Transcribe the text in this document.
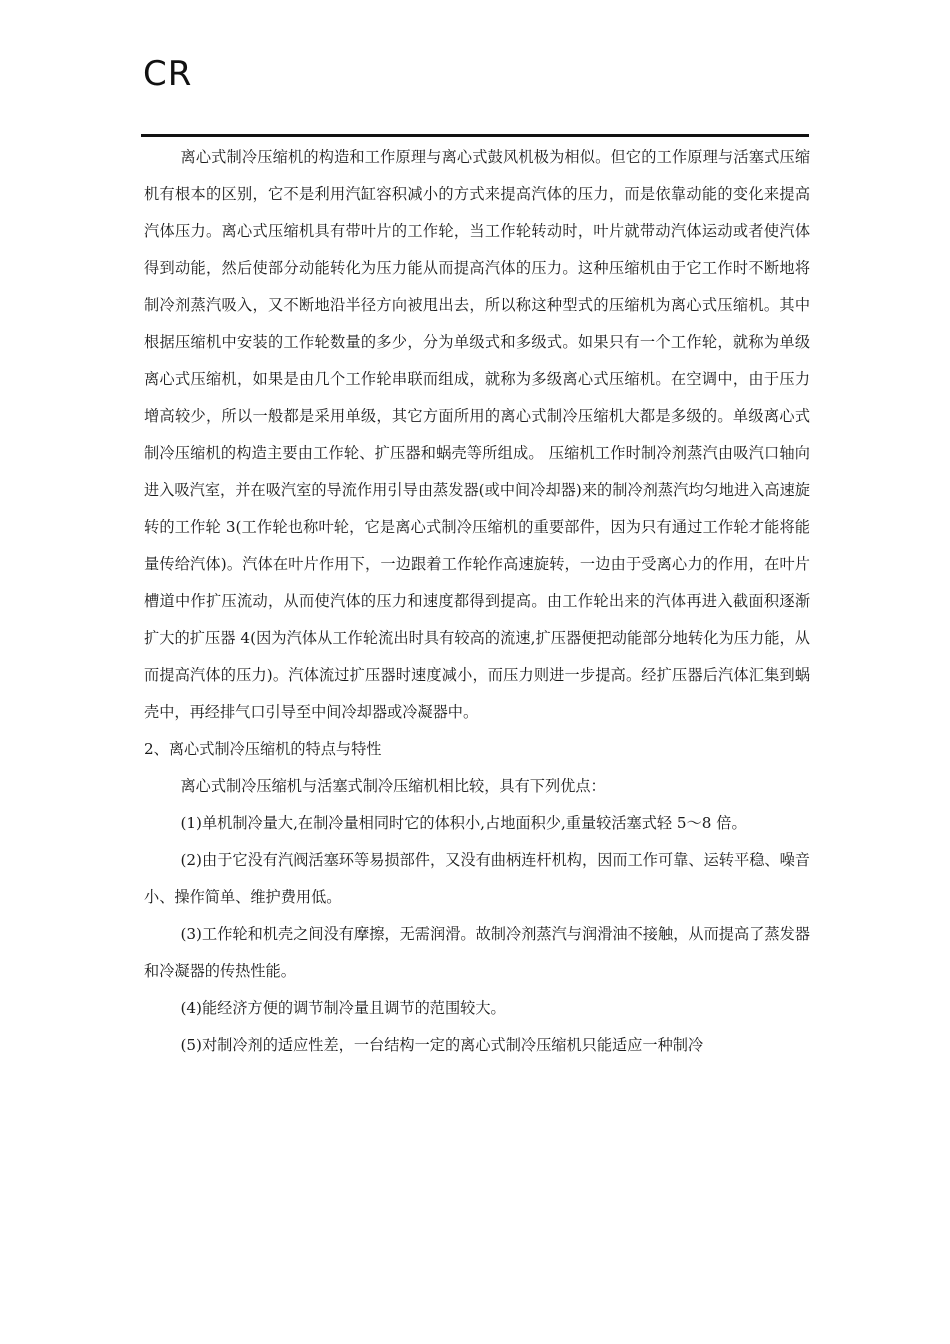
CR

离心式制冷压缩机的构造和工作原理与离心式鼓风机极为相似。但它的工作原理与活塞式压缩机有根本的区别，它不是利用汽缸容积减小的方式来提高汽体的压力，而是依靠动能的变化来提高汽体压力。离心式压缩机具有带叶片的工作轮，当工作轮转动时，叶片就带动汽体运动或者使汽体得到动能，然后使部分动能转化为压力能从而提高汽体的压力。这种压缩机由于它工作时不断地将制冷剂蒸汽吸入，又不断地沿半径方向被甩出去，所以称这种型式的压缩机为离心式压缩机。其中根据压缩机中安装的工作轮数量的多少，分为单级式和多级式。如果只有一个工作轮，就称为单级离心式压缩机，如果是由几个工作轮串联而组成，就称为多级离心式压缩机。在空调中，由于压力增高较少，所以一般都是采用单级，其它方面所用的离心式制冷压缩机大都是多级的。单级离心式制冷压缩机的构造主要由工作轮、扩压器和蜗壳等所组成。 压缩机工作时制冷剂蒸汽由吸汽口轴向进入吸汽室，并在吸汽室的导流作用引导由蒸发器(或中间冷却器)来的制冷剂蒸汽均匀地进入高速旋转的工作轮 3(工作轮也称叶轮，它是离心式制冷压缩机的重要部件，因为只有通过工作轮才能将能量传给汽体)。汽体在叶片作用下，一边跟着工作轮作高速旋转，一边由于受离心力的作用，在叶片槽道中作扩压流动，从而使汽体的压力和速度都得到提高。由工作轮出来的汽体再进入截面积逐渐扩大的扩压器 4(因为汽体从工作轮流出时具有较高的流速,扩压器便把动能部分地转化为压力能，从而提高汽体的压力)。汽体流过扩压器时速度减小，而压力则进一步提高。经扩压器后汽体汇集到蜗壳中，再经排气口引导至中间冷却器或冷凝器中。

2、离心式制冷压缩机的特点与特性

离心式制冷压缩机与活塞式制冷压缩机相比较，具有下列优点：

(1)单机制冷量大,在制冷量相同时它的体积小,占地面积少,重量较活塞式轻 5～8 倍。

(2)由于它没有汽阀活塞环等易损部件，又没有曲柄连杆机构，因而工作可靠、运转平稳、噪音小、操作简单、维护费用低。

(3)工作轮和机壳之间没有摩擦，无需润滑。故制冷剂蒸汽与润滑油不接触，从而提高了蒸发器和冷凝器的传热性能。

(4)能经济方便的调节制冷量且调节的范围较大。

(5)对制冷剂的适应性差，一台结构一定的离心式制冷压缩机只能适应一种制冷
